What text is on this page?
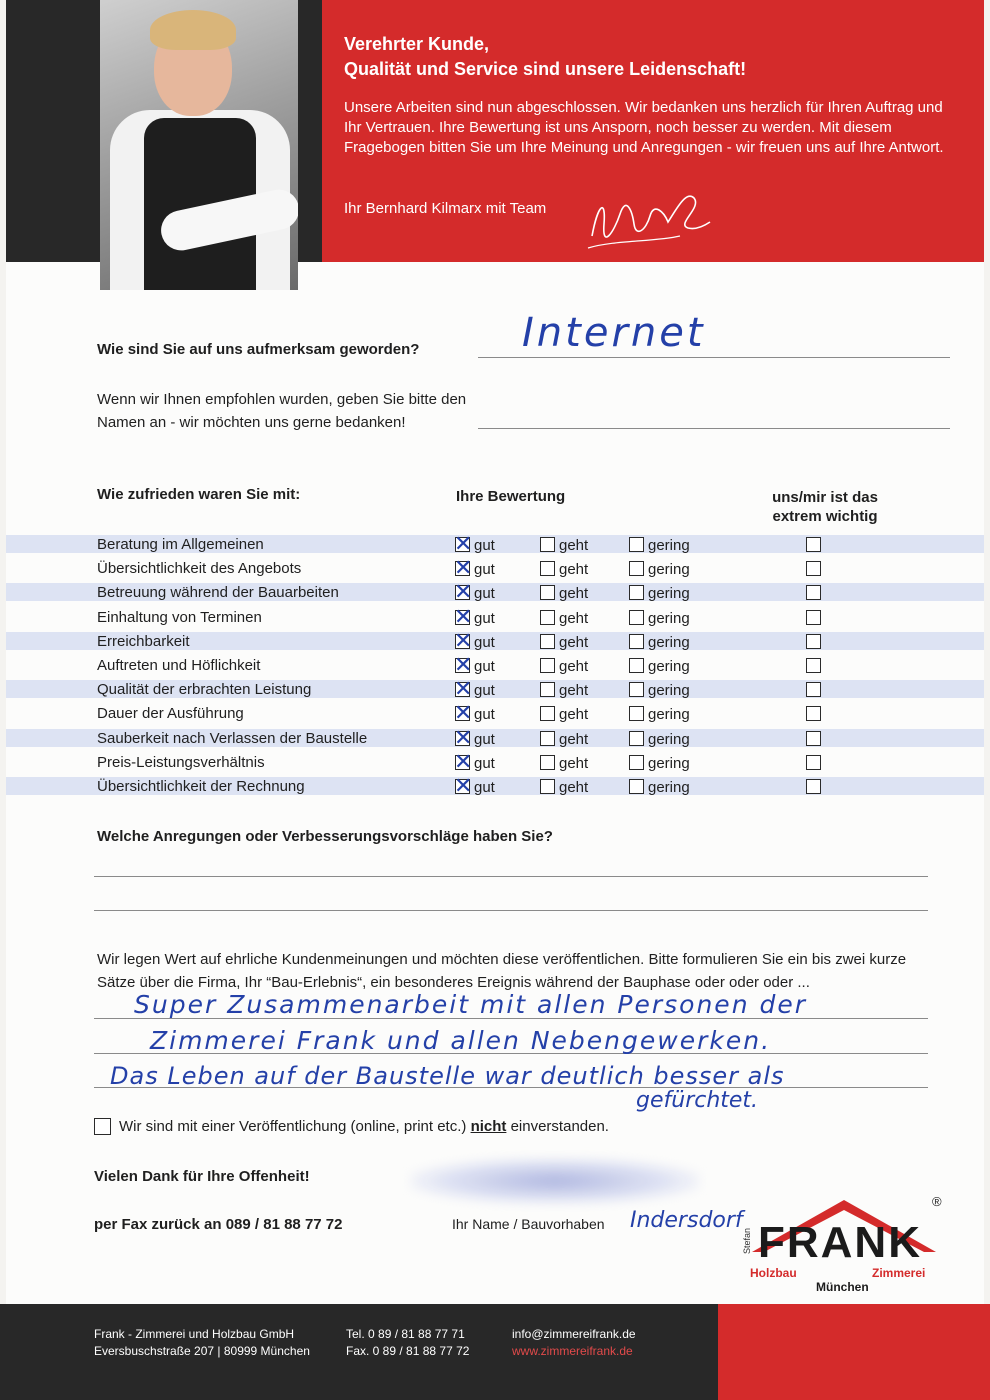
Verehrter Kunde,
Qualität und Service sind unsere Leidenschaft!
Unsere Arbeiten sind nun abgeschlossen. Wir bedanken uns herzlich für Ihren Auftrag und Ihr Vertrauen. Ihre Bewertung ist uns Ansporn, noch besser zu werden. Mit diesem Fragebogen bitten Sie um Ihre Meinung und Anregungen - wir freuen uns auf Ihre Antwort.
Ihr Bernhard Kilmarx mit Team
Wie sind Sie auf uns aufmerksam geworden?	Internet
Wenn wir Ihnen empfohlen wurden, geben Sie bitte den Namen an - wir möchten uns gerne bedanken!
Wie zufrieden waren Sie mit:	Ihre Bewertung	uns/mir ist das extrem wichtig
Beratung im Allgemeinen	✕ gut	geht	gering
Übersichtlichkeit des Angebots	✕ gut	geht	gering
Betreuung während der Bauarbeiten	✕ gut	geht	gering
Einhaltung von Terminen	✕ gut	geht	gering
Erreichbarkeit	✕ gut	geht	gering
Auftreten und Höflichkeit	✕ gut	geht	gering
Qualität der erbrachten Leistung	✕ gut	geht	gering
Dauer der Ausführung	✕ gut	geht	gering
Sauberkeit nach Verlassen der Baustelle	✕ gut	geht	gering
Preis-Leistungsverhältnis	✕ gut	geht	gering
Übersichtlichkeit der Rechnung	✕ gut	geht	gering
Welche Anregungen oder Verbesserungsvorschläge haben Sie?
Wir legen Wert auf ehrliche Kundenmeinungen und möchten diese veröffentlichen. Bitte formulieren Sie ein bis zwei kurze Sätze über die Firma, Ihr “Bau-Erlebnis“, ein besonderes Ereignis während der Bauphase oder oder oder ...
Super Zusammenarbeit mit allen Personen der
Zimmerei Frank und allen Nebengewerken.
Das Leben auf der Baustelle war deutlich besser als
gefürchtet.
Wir sind mit einer Veröffentlichung (online, print etc.) nicht einverstanden.
Vielen Dank für Ihre Offenheit!
per Fax zurück an 089 / 81 88 77 72	Ihr Name / Bauvorhaben Indersdorf
®
Stefan FRANK
Holzbau	Zimmerei
München
Frank - Zimmerei und Holzbau GmbH
Eversbuschstraße 207 | 80999 München
Tel. 0 89 / 81 88 77 71
Fax. 0 89 / 81 88 77 72
info@zimmereifrank.de
www.zimmereifrank.de
